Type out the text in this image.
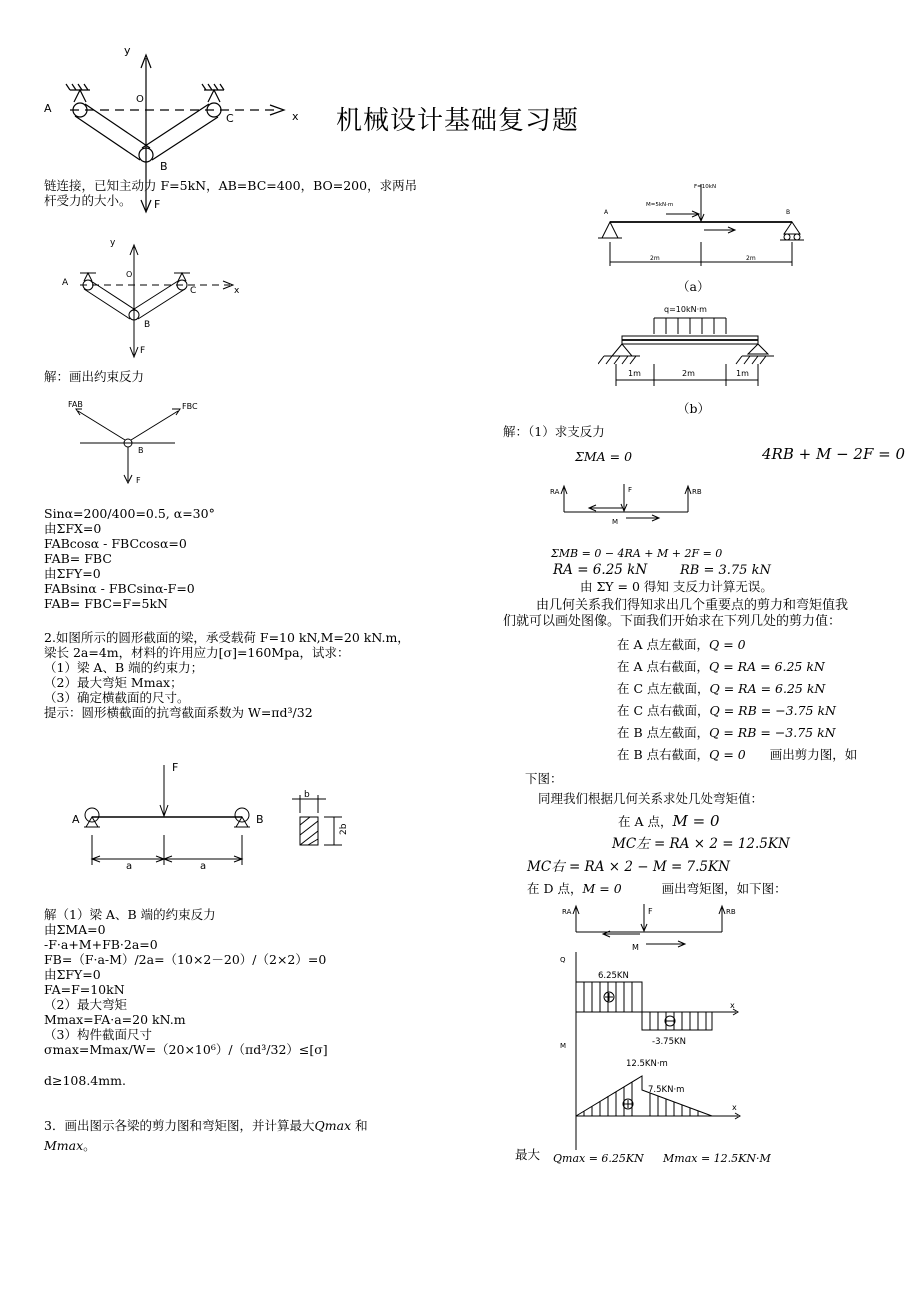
机械设计基础复习题
y
x
A
C
O
B
F
链连接，已知主动力 F=5kN，AB=BC=400，BO=200，求两吊
杆受力的大小。
y
x
A
C
O
B
F
解：画出约束反力
FAB	FBC
B
F
Sinα=200/400=0.5, α=30°
由ΣFX=0
FABcosα - FBCcosα=0
FAB= FBC
由ΣFY=0
FABsinα - FBCsinα-F=0
FAB= FBC=F=5kN
2.如图所示的圆形截面的梁，承受载荷 F=10 kN,M=20 kN.m，
梁长 2a=4m，材料的许用应力[σ]=160Mpa，试求：
（1）梁 A、B 端的约束力；
（2）最大弯矩 Mmax；
（3）确定横截面的尺寸。
提示：圆形横截面的抗弯截面系数为 W=πd³/32
F
A	B
a	a
b
2b
解（1）梁 A、B 端的约束反力
由ΣMA=0
-F·a+M+FB·2a=0
FB=（F·a-M）/2a=（10×2－20）/（2×2）=0
由ΣFY=0
FA=F=10kN
（2）最大弯矩
Mmax=FA·a=20 kN.m
（3）构件截面尺寸
σmax=Mmax/W=（20×10⁶）/（πd³/32）≤[σ]
d≥108.4mm.
3．画出图示各梁的剪力图和弯矩图，并计算最大Qmax 和
Mmax。
F=10kN
M=5kN·m
A	B
2m	2m
（a）
q=10kN·m
1m	2m	1m
（b）
解：（1）求支反力
ΣMA = 0	4RB + M − 2F = 0
RA	RB
F
M
ΣMB = 0 − 4RA + M + 2F = 0
RA = 6.25 kN	RB = 3.75 kN
由 ΣY = 0 得知 支反力计算无误。
由几何关系我们得知求出几个重要点的剪力和弯矩值我
们就可以画处图像。下面我们开始求在下列几处的剪力值：
在 A 点左截面，Q = 0
在 A 点右截面，Q = RA = 6.25 kN
在 C 点左截面，Q = RA = 6.25 kN
在 C 点右截面，Q = RB = −3.75 kN
在 B 点左截面，Q = RB = −3.75 kN
在 B 点右截面，Q = 0 画出剪力图，如
下图：
同理我们根据几何关系求处几处弯矩值：
在 A 点，M = 0
MC左 = RA × 2 = 12.5KN
MC右 = RA × 2 − M = 7.5KN
在 D 点，M = 0	画出弯矩图，如下图：
RA	RB
F
M
Q
6.25KN
x
-3.75KN
M
12.5KN·m
7.5KN·m
x
最大 Qmax = 6.25KN Mmax = 12.5KN·M
